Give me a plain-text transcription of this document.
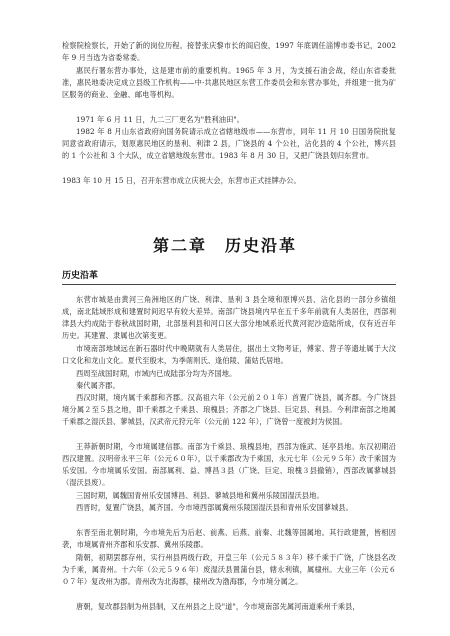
检察院检察长，开始了新的岗位历程。接替张庆黎市长的阎启俊，1997 年底调任淄博市委书记，2002 年 9 月当选为省委常委。

惠民行署东营办事处，这是建市前的重要机构。1965 年 3 月，为支援石油会战，经山东省委批准，惠民地委决定成立县级工作机构——中·共惠民地区东营工作委员会和东营办事处，并组建一批为矿区服务的商业、金融、邮电等机构。

1971 年 6 月 11 日，九二三厂更名为"胜利油田"。

1982 年 8 月山东省政府向国务院请示成立省辖地级市——东营市，同年 11 月 10 日国务院批复同意省政府请示，划原惠民地区的垦利、利津 2 县，广饶县的 4 个公社，沾化县的 4 个公社，博兴县的 1 个公社和 3 个大队，成立省辖地级东营市。1983 年 8 月 30 日，又把广饶县划归东营市。

1983 年 10 月 15 日，召开东营市成立庆祝大会，东营市正式挂牌办公。

第二章　历史沿革
历史沿革

东营市城是由黄河三角洲地区的广饶、利津、垦利 3 县全境和原博兴县、沾化县的一部分乡镇组成，南北陆域形成和建置时间迟早有较大差异。南部广饶县境内早在五千多年前就有人类居住，西部利津县大约成陆于春秋战国时期，北部垦利县和河口区大部分地域系近代黄河泥沙造陆所成，仅有近百年历史。其建置、隶属也次第变更。

市境南部地域远在新石器时代中晚期就有人类居住，据出土文物考证，傅家、营子等遗址属于大汶口文化和龙山文化。夏代至殷末，为季荝则氏、逢伯陵、蒲姑氏居地。

西周至战国时期，市域内已成陆部分均为齐国地。

秦代属齐郡。

西汉时期，境内属千乘郡和齐郡。汉高祖六年（公元前２０１年）首置广饶县，属齐郡。今广饶县境分属２至５县之地，即千乘郡之千乘县、琅槐县；齐郡之广饶县、巨定县、利县。今利津南部之地属千乘郡之湿沃县、蓼城县，汉武帝元狩元年（公元前 122 年），广饶曾一度被封为侯国。

王莽新朝时期，今市境属建信郡。南部为千乘县、琅槐县地，西部为施武、延亭县地。东汉初期沿西汉建置。汉明帝永平三年（公元６０年），以千乘郡改为千乘国，永元七年（公元９５年）改千乘国为乐安国。今市境属乐安国。南部属利、益、博昌３县（广饶、巨定、琅槐３县撤销），西部改属蓼城县（湿沃县废）。

三国时期，属魏国青州乐安国博昌、利县、蓼城县地和冀州乐陵国湿沃县地。

西晋时，复置广饶县，属齐国。今市境西部属冀州乐陵国湿沃县和青州乐安国蓼城县。

东晋至南北朝时期，今市境先后为后赵、前燕、后燕、前秦、北魏等国属地。其行政建置，皆相因袭，市境属青州齐郡和乐安郡、冀州乐陵郡。

隋朝，初期罢郡存州，实行州县两级行政，开皇三年（公元５８３年）移千乘于广饶，广饶县名改为千乘，属青州。十六年（公元５９６年）废湿沃县置蒲台县，辖永利镇，属棣州。大业三年（公元６０７年）复改州为郡。青州改为北海郡，棣州改为渤海郡，今市境分属之。

唐朝，复改郡县制为州县制，又在州县之上设"道"，今市境南部先属河南道乘州千乘县，
